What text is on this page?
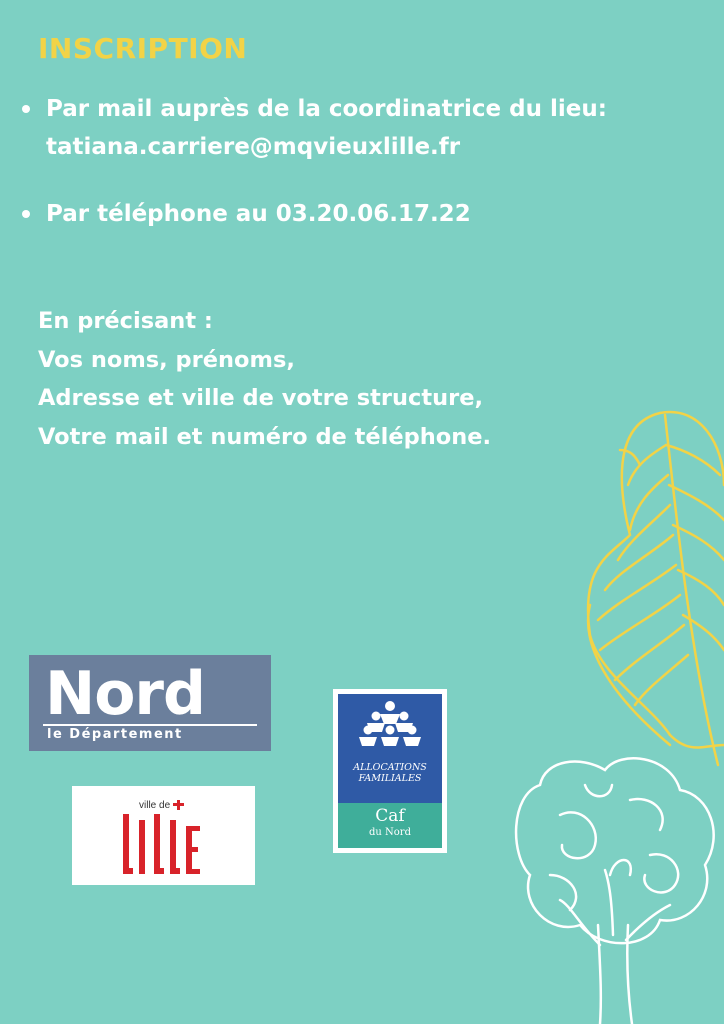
INSCRIPTION
Par mail auprès de la coordinatrice du lieu:
tatiana.carriere@mqvieuxlille.fr
Par téléphone au 03.20.06.17.22
En précisant :
Vos noms, prénoms,
Adresse et ville de votre structure,
Votre mail et numéro de téléphone.
Nord
le Département
ville de
ALLOCATIONS
FAMILIALES
Caf
du Nord
